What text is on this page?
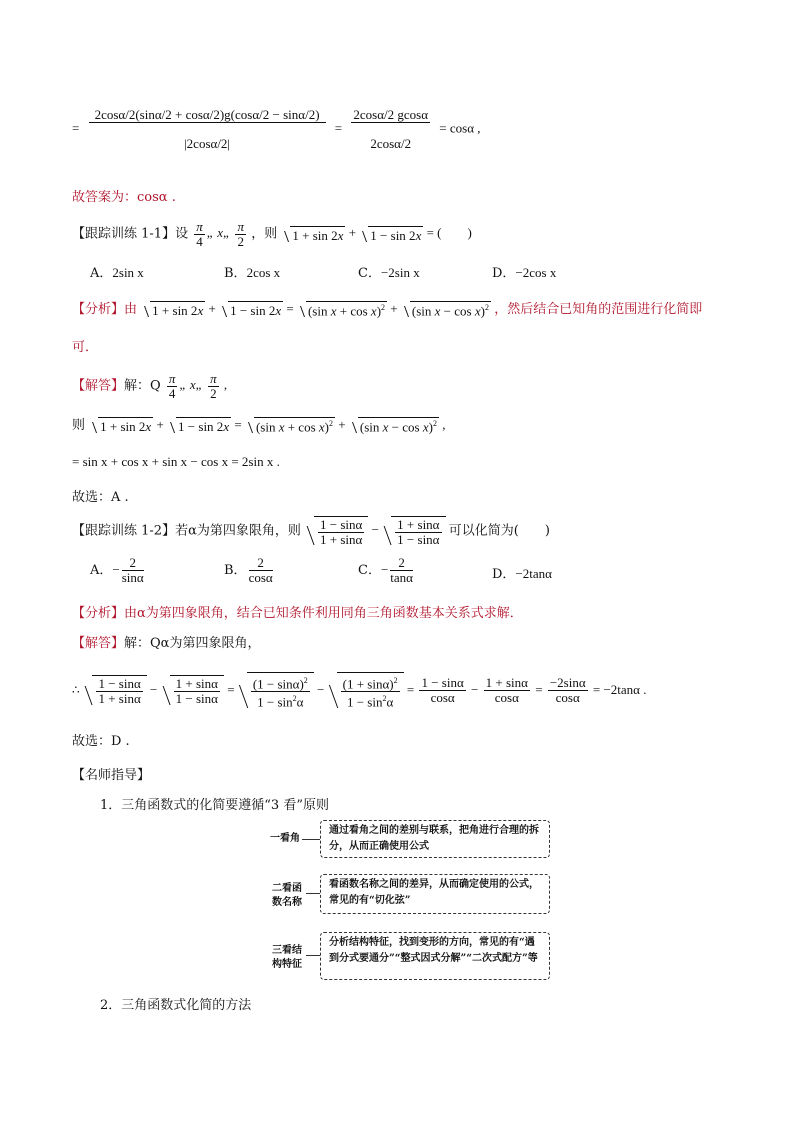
= $\frac{2\cos\alpha/2(\sin\alpha/2 + \cos\alpha/2)g(\cos\alpha/2 - \sin\alpha/2)}{|2\cos\alpha/2|} = \frac{2\cos\alpha/2 gcos\alpha}{2\cos\alpha/2} = \cos\alpha$ ,
故答案为：cosα .
【跟踪训练 1-1】设 $\frac{\pi}{4}$ „ x„ $\frac{\pi}{2}$ ，则 1 + sin 2x + 1 − sin 2x = (　　)
A．2sin x	B．2cos x	C．−2sin x	D．−2cos x
【分析】由 1 + sin 2x + 1 − sin 2x = (sin x + cos x)$^2$ + (sin x − cos x)$^2$ ，然后结合已知角的范围进行化简即
可．
【解答】解：Q $\frac{\pi}{4}$ „ x„ $\frac{\pi}{2}$ ,
则 1 + sin 2x + 1 − sin 2x = (sin x + cos x)$^2$ + (sin x − cos x)$^2$ ,
= sin x + cos x + sin x − cos x = 2sin x .
故选：A .
【跟踪训练 1-2】若α为第四象限角，则 $\frac{1 - \sin\alpha}{1 + \sin\alpha} - \frac{1 + \sin\alpha}{1 - \sin\alpha}$ 可以化简为(　　)
A．− $\frac{2}{\sin\alpha}$	B． $\frac{2}{\cos\alpha}$	C．− $\frac{2}{\tan\alpha}$	D．−2tanα
【分析】由α为第四象限角，结合已知条件利用同角三角函数基本关系式求解．
【解答】解：Qα为第四象限角，
∴ $\frac{1 - \sin\alpha}{1 + \sin\alpha} - \frac{1 + \sin\alpha}{1 - \sin\alpha} = \frac{(1 - \sin\alpha)^2}{1 - \sin^2\alpha} - \frac{(1 + \sin\alpha)^2}{1 - \sin^2\alpha} = \frac{1 - \sin\alpha}{\cos\alpha} - \frac{1 + \sin\alpha}{\cos\alpha} = \frac{-2\sin\alpha}{\cos\alpha} = -2\tan\alpha$ .
故选：D .
【名师指导】
1．三角函数式的化简要遵循“3 看”原则
一看角
通过看角之间的差别与联系，把角进行合理的拆分，从而正确使用公式
二看函数名称
看函数名称之间的差异，从而确定使用的公式，常见的有“切化弦”
三看结构特征
分析结构特征，找到变形的方向，常见的有“遇到分式要通分”“整式因式分解”“二次式配方”等
2．三角函数式化简的方法
